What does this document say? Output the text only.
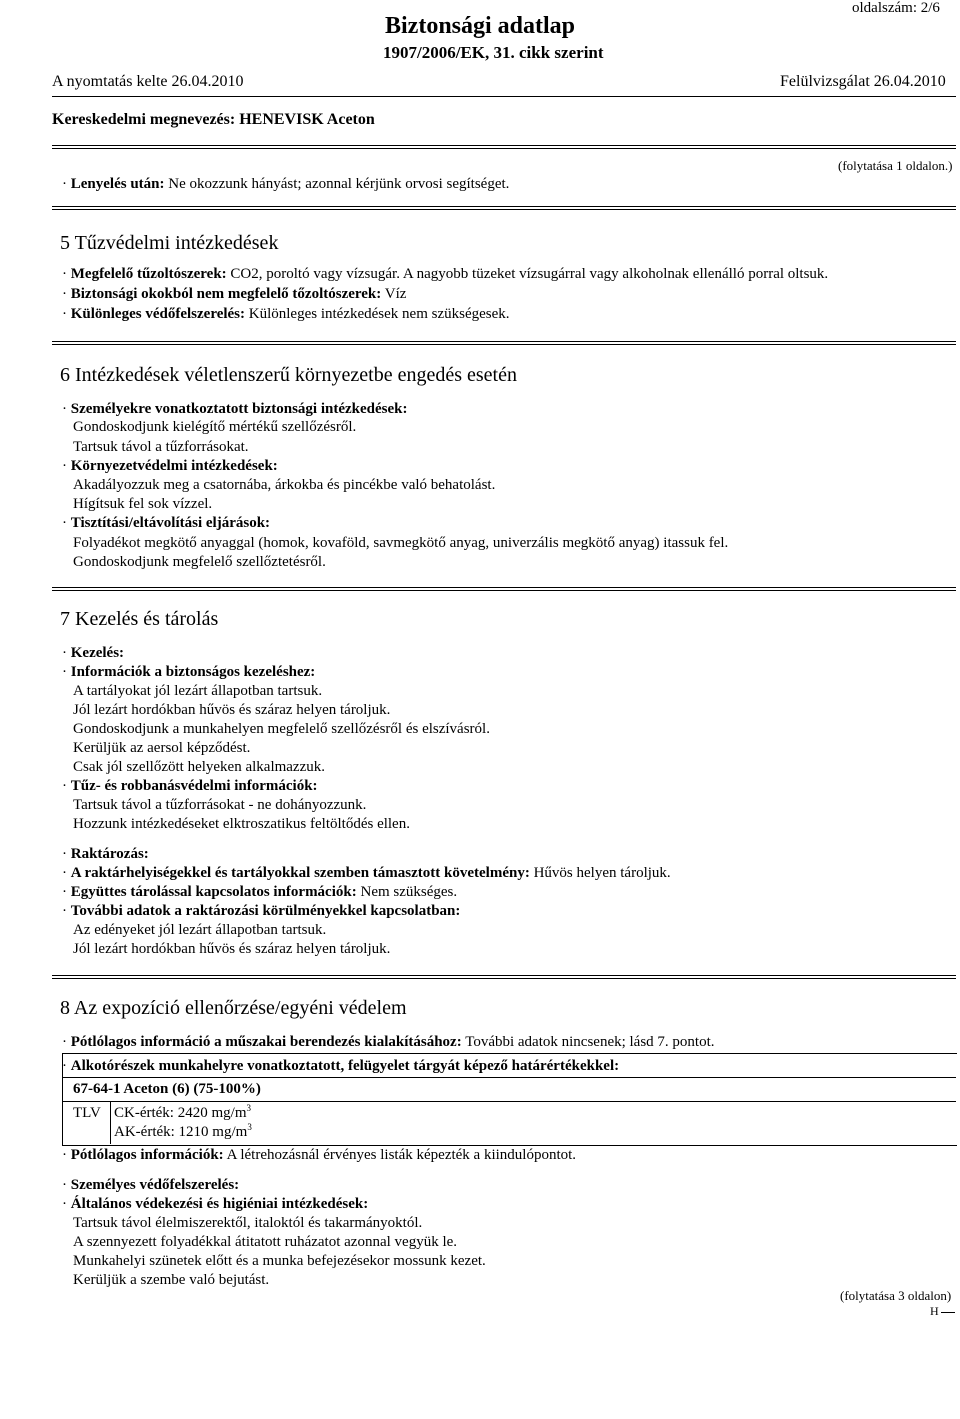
oldalszám: 2/6
Biztonsági adatlap
1907/2006/EK, 31. cikk szerint
A nyomtatás kelte 26.04.2010	Felülvizsgálat 26.04.2010
Kereskedelmi megnevezés: HENEVISK Aceton
(folytatása 1 oldalon.)
· Lenyelés után: Ne okozzunk hányást; azonnal kérjünk orvosi segítséget.
5 Tűzvédelmi intézkedések
· Megfelelő tűzoltószerek: CO2, poroltó vagy vízsugár. A nagyobb tüzeket vízsugárral vagy alkoholnak ellenálló porral oltsuk.
· Biztonsági okokból nem megfelelő tőzoltószerek: Víz
· Különleges védőfelszerelés: Különleges intézkedések nem szükségesek.
6 Intézkedések véletlenszerű környezetbe engedés esetén
· Személyekre vonatkoztatott biztonsági intézkedések:
Gondoskodjunk kielégítő mértékű szellőzésről.
Tartsuk távol a tűzforrásokat.
· Környezetvédelmi intézkedések:
Akadályozzuk meg a csatornába, árkokba és pincékbe való behatolást.
Hígítsuk fel sok vízzel.
· Tisztítási/eltávolítási eljárások:
Folyadékot megkötő anyaggal (homok, kovaföld, savmegkötő anyag, univerzális megkötő anyag) itassuk fel.
Gondoskodjunk megfelelő szellőztetésről.
7 Kezelés és tárolás
· Kezelés:
· Információk a biztonságos kezeléshez:
A tartályokat jól lezárt állapotban tartsuk.
Jól lezárt hordókban hűvös és száraz helyen tároljuk.
Gondoskodjunk a munkahelyen megfelelő szellőzésről és elszívásról.
Kerüljük az aersol képződést.
Csak jól szellőzött helyeken alkalmazzuk.
· Tűz- és robbanásvédelmi információk:
Tartsuk távol a tűzforrásokat - ne dohányozzunk.
Hozzunk intézkedéseket elktroszatikus feltöltődés ellen.
· Raktározás:
· A raktárhelyiségekkel és tartályokkal szemben támasztott követelmény: Hűvös helyen tároljuk.
· Együttes tárolással kapcsolatos információk: Nem szükséges.
· További adatok a raktározási körülményekkel kapcsolatban:
Az edényeket jól lezárt állapotban tartsuk.
Jól lezárt hordókban hűvös és száraz helyen tároljuk.
8 Az expozíció ellenőrzése/egyéni védelem
· Pótlólagos információ a műszakai berendezés kialakításához: További adatok nincsenek; lásd 7. pontot.
· Alkotórészek munkahelyre vonatkoztatott, felügyelet tárgyát képező határértékekkel:
67-64-1 Aceton (6) (75-100%)
TLV CK-érték: 2420 $mg/m^3$
AK-érték: 1210 $mg/m^3$
· Pótlólagos információk: A létrehozásnál érvényes listák képezték a kiindulópontot.
· Személyes védőfelszerelés:
· Általános védekezési és higiéniai intézkedések:
Tartsuk távol élelmiszerektől, italoktól és takarmányoktól.
A szennyezett folyadékkal átitatott ruházatot azonnal vegyük le.
Munkahelyi szünetek előtt és a munka befejezésekor mossunk kezet.
Kerüljük a szembe való bejutást.
(folytatása 3 oldalon)
H
